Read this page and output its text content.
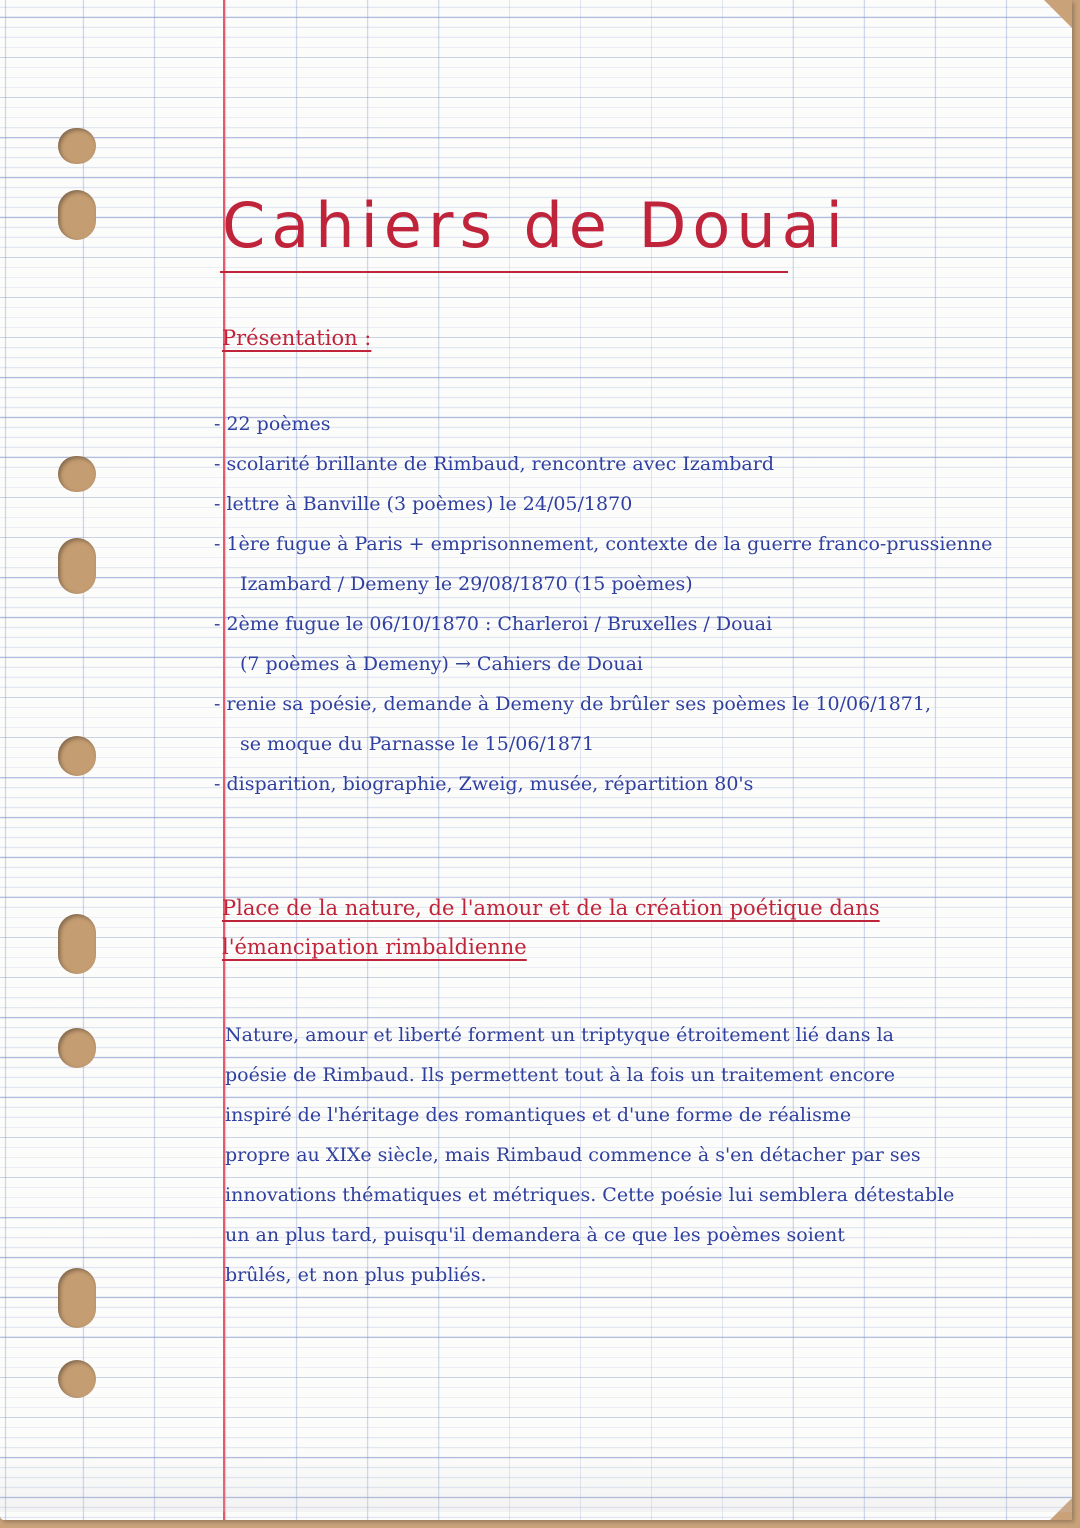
Cahiers de Douai
Présentation :
- 22 poèmes
- scolarité brillante de Rimbaud, rencontre avec Izambard
- lettre à Banville (3 poèmes) le 24/05/1870
- 1ère fugue à Paris + emprisonnement, contexte de la guerre franco-prussienne
Izambard / Demeny le 29/08/1870 (15 poèmes)
- 2ème fugue le 06/10/1870 : Charleroi / Bruxelles / Douai
(7 poèmes à Demeny) → Cahiers de Douai
- renie sa poésie, demande à Demeny de brûler ses poèmes le 10/06/1871,
se moque du Parnasse le 15/06/1871
- disparition, biographie, Zweig, musée, répartition 80's
Place de la nature, de l'amour et de la création poétique dans
l'émancipation rimbaldienne

Nature, amour et liberté forment un triptyque étroitement lié dans la
poésie de Rimbaud. Ils permettent tout à la fois un traitement encore
inspiré de l'héritage des romantiques et d'une forme de réalisme
propre au XIXe siècle, mais Rimbaud commence à s'en détacher par ses
innovations thématiques et métriques. Cette poésie lui semblera détestable
un an plus tard, puisqu'il demandera à ce que les poèmes soient
brûlés, et non plus publiés.
